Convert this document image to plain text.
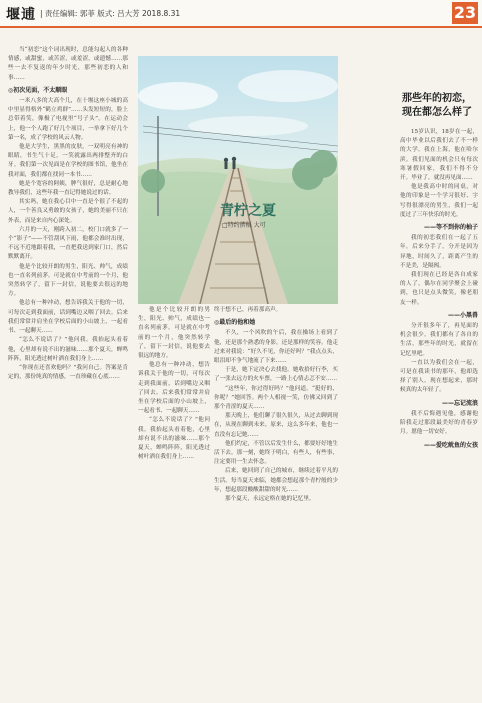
堰逋 | 责任编辑: 郭菲 版式: 吕大芳 2018.8.31	23

当“初恋”这个词出现时，总能勾起人的各种情感，或甜蜜，或苦涩，或羞涩，或遗憾……那些一去不复返的年少时光，那些初恋的人和事……

◎初次见面，不太顺眼

一米八多的大高个儿，在十堰这座小城的高中里显得格外“鹤立鸡群”……头发短短的，脸上总带着笑，像极了电视里“号子头”。在运动会上，他一个人跑了好几个项目，一举拿下好几个第一名，成了学校的风云人物。

他是大学生，黑黑的皮肤，一双明亮有神的眼睛，书生气十足，一笑就露出两排整齐的白牙。我们第一次见面是在学校的图书馆，他坐在我对面，我们都在找同一本书……

她是个宽容的阿姨，脾气很好，总是耐心地教导我们，这些年我一直记得她说过的话。

其实吗，她在我心目中一直是个很了不起的人，一个善良又勇敢的女孩子，她的美丽不只在外表，而是来自内心深处。

六月的一天，刚跨入初二，校门口就多了一个“影子”——不管刮风下雨，他都会准时出现，不远不近地跟着我，一直把我送到家门口，然后默默离开。

他是个比较开朗的男生，阳光、帅气，成绩也一直名列前茅。可是就在中考前的一个月，他突然转学了，留下一封信，说他要去很远的地方。

他总有一种冲动，想告诉我关于他的一切，可每次走到我面前，话到嘴边又咽了回去。后来我们常常并肩坐在学校后面的小山坡上，一起看书、一起聊天……

“怎么不说话了？”他问我。我抬起头看着他，心里却有说不出的滋味……那个夏天，蝉鸣阵阵，阳光透过树叶洒在我们身上……

“你现在还喜欢他吗？”我问自己。答案是肯定的，那份纯真的情感，一直珍藏在心底……

青柠之夏
□特约撰稿 大可

终于想不已，再着那高声。

◎最后的他和她

不久，一个风吹的午后，我在操场上看到了他，还是那个熟悉的身影，还是那样的笑容。他走过来对我说：“好久不见，你还好吗？”我点点头，眼泪却不争气地流了下来……

于是，她下定决心去找他。她收拾好行李，买了一张去远方的火车票，一路上心情忐忑不安……

“这些年，你过得好吗？”他问道。“挺好的，你呢？”她回答。两个人相视一笑，仿佛又回到了那个青涩的夏天……

那天晚上，他们聊了很久很久，从过去聊到现在，从现在聊到未来。原来，这么多年来，他也一直没有忘记她……

他们约定，不管以后发生什么，都要好好地生活下去。那一刻，她终于明白，有些人，有些事，注定要用一生去怀念。

后来，她回到了自己的城市，继续过着平凡的生活。每当夏天来临，她都会想起那个青柠般的少年，想起那段酸酸甜甜的时光……

那个夏天，永远定格在她的记忆里。

他是个比较开朗的男生，阳光、帅气，成绩也一直名列前茅。可是就在中考前的一个月，他突然转学了，留下一封信，说他要去很远的地方。

他总有一种冲动，想告诉我关于他的一切，可每次走到我面前，话到嘴边又咽了回去。后来我们常常并肩坐在学校后面的小山坡上，一起看书、一起聊天……

“怎么不说话了？”他问我。我抬起头看着他，心里却有说不出的滋味……那个夏天，蝉鸣阵阵，阳光透过树叶洒在我们身上……

那些年的初恋，
现在都怎么样了

15岁认识，18岁在一起，高中毕业以后我们去了不一样的大学。我在上海，他在哈尔滨。我们见面的机会只有每次寒暑假回家，我们不得不分开。毕业了，就没再见面……

他是我高中时的同桌，对他的印象是一个学习很好、字写得很漂亮的男生，我们一起度过了三年快乐的时光。

——等不到你的柚子

我的初恋我们在一起了五年，后来分手了。分开是因为异地，时间久了，距离产生的不是美，是隔阂。

我们现在已经是各自成家的人了，偶尔在同学聚会上碰到，也只是点头微笑，像老朋友一样。

——小黑兽

分开很多年了，再见面的机会很少。我们都有了各自的生活，那些年的时光，就留在记忆里吧。

一直以为我们会在一起，可是在我读书的那年，他却选择了别人。现在想起来，那时候真的太年轻了。

——忘记流浪

我不后悔遇见他，感谢他陪我走过那段最美好的青春岁月。愿他一切安好。

——爱吃鱿鱼的女孩
